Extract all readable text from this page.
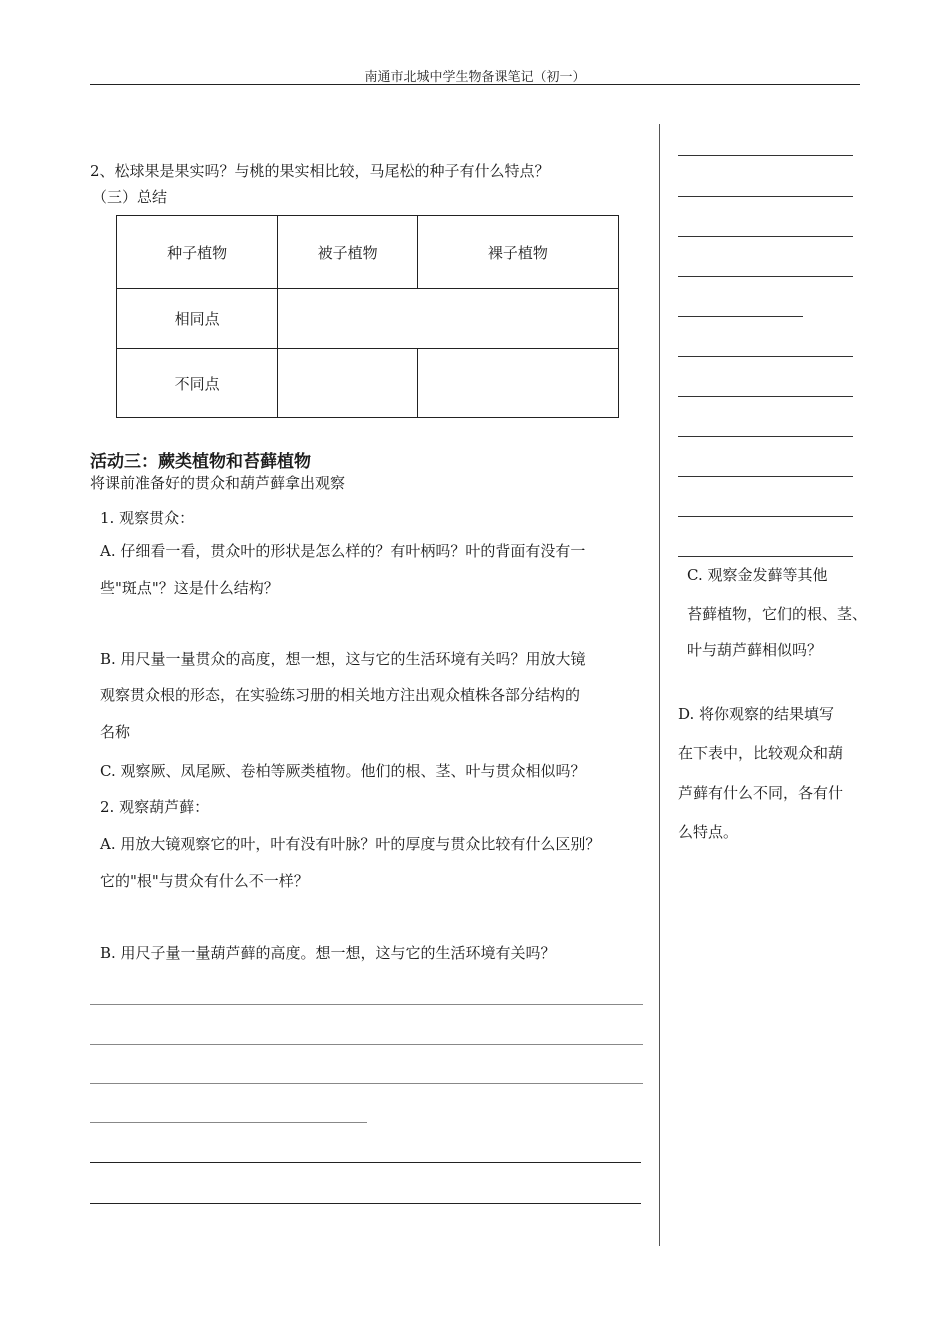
南通市北城中学生物备课笔记（初一）
2、松球果是果实吗？与桃的果实相比较，马尾松的种子有什么特点？
（三）总结
种子植物	被子植物	裸子植物
相同点		
不同点		
活动三：蕨类植物和苔藓植物
将课前准备好的贯众和葫芦藓拿出观察
1. 观察贯众：
A. 仔细看一看，贯众叶的形状是怎么样的？有叶柄吗？叶的背面有没有一
些"斑点"？这是什么结构？
B. 用尺量一量贯众的高度，想一想，这与它的生活环境有关吗？用放大镜
观察贯众根的形态，在实验练习册的相关地方注出观众植株各部分结构的
名称
C. 观察厥、凤尾厥、卷柏等厥类植物。他们的根、茎、叶与贯众相似吗？
2. 观察葫芦藓：
A. 用放大镜观察它的叶，叶有没有叶脉？叶的厚度与贯众比较有什么区别？
它的"根"与贯众有什么不一样？
B. 用尺子量一量葫芦藓的高度。想一想，这与它的生活环境有关吗？
C. 观察金发藓等其他
苔藓植物，它们的根、茎、
叶与葫芦藓相似吗？
D. 将你观察的结果填写
在下表中，比较观众和葫
芦藓有什么不同，各有什
么特点。
